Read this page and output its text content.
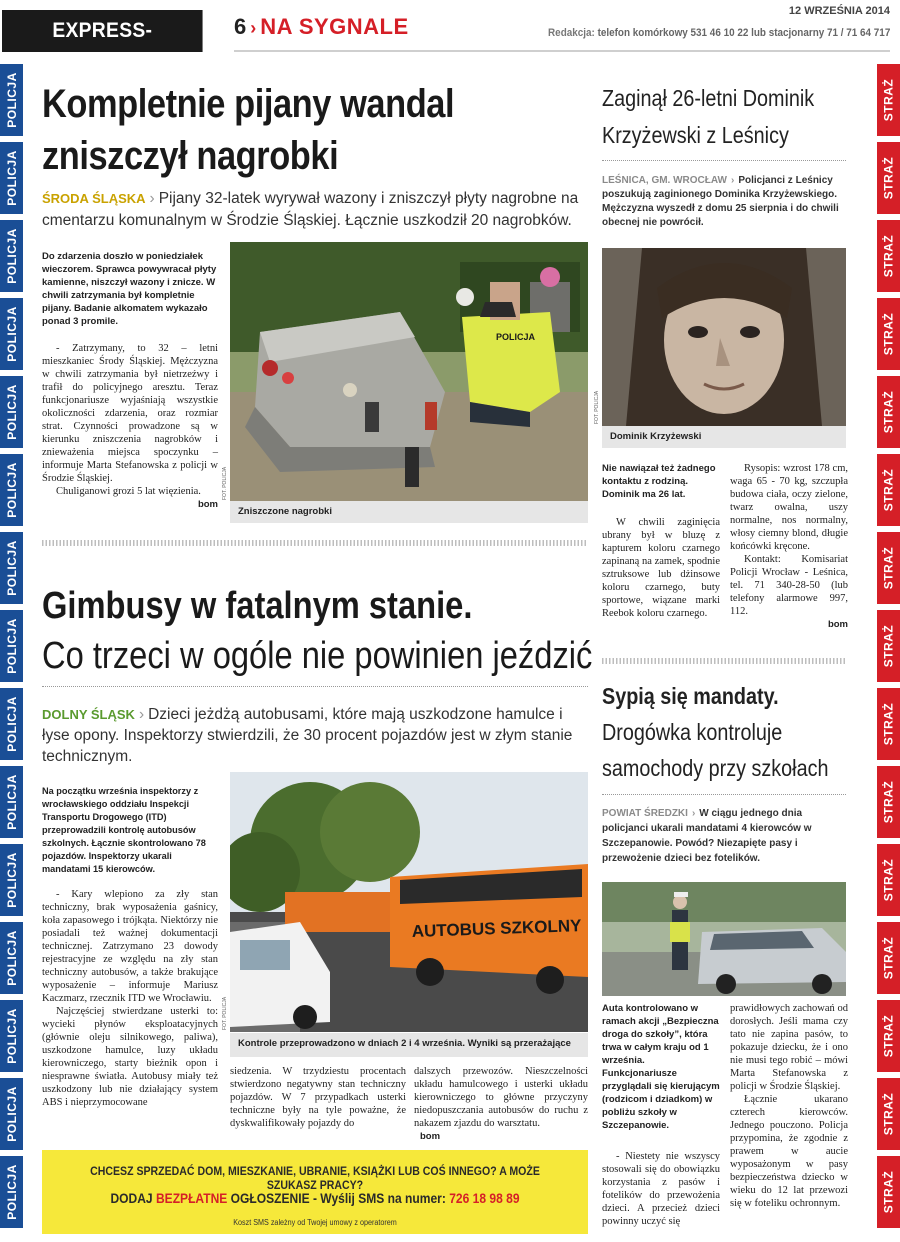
EXPRESS-MIEJSKI.PL
6 › NA SYGNALE
12 WRZEŚNIA 2014
Redakcja: telefon komórkowy 531 46 10 22 lub stacjonarny 71 / 71 64 717
POLICJA
POLICJA
POLICJA
POLICJA
POLICJA
POLICJA
POLICJA
POLICJA
POLICJA
POLICJA
POLICJA
POLICJA
POLICJA
POLICJA
POLICJA
STRAŻ
STRAŻ
STRAŻ
STRAŻ
STRAŻ
STRAŻ
STRAŻ
STRAŻ
STRAŻ
STRAŻ
STRAŻ
STRAŻ
STRAŻ
STRAŻ
STRAŻ
Kompletnie pijany wandal zniszczył nagrobki
ŚRODA ŚLĄSKA › Pijany 32-latek wyrywał wazony i zniszczył płyty nagrobne na cmentarzu komunalnym w Środzie Śląskiej. Łącznie uszkodził 20 nagrobków.
Do zdarzenia doszło w poniedziałek wieczorem. Sprawca powywracał płyty kamienne, niszczył wazony i znicze. W chwili zatrzymania był kompletnie pijany. Badanie alkomatem wykazało ponad 3 promile.

- Zatrzymany, to 32 – letni mieszkaniec Środy Śląskiej. Mężczyzna w chwili zatrzymania był nietrzeźwy i trafił do policyjnego aresztu. Teraz funkcjonariusze wyjaśniają wszystkie okoliczności zdarzenia, oraz rozmiar strat. Czynności prowadzone są w kierunku zniszczenia nagrobków i znieważenia miejsca spoczynku – informuje Marta Stefanowska z policji w Środzie Śląskiej.

Chuliganowi grozi 5 lat więzienia.

bom
POLICJA
FOT. POLICJA
Zniszczone nagrobki
Gimbusy w fatalnym stanie.
Co trzeci w ogóle nie powinien jeździć
DOLNY ŚLĄSK › Dzieci jeżdżą autobusami, które mają uszkodzone hamulce i łyse opony. Inspektorzy stwierdzili, że 30 procent pojazdów jest w złym stanie technicznym.
Na początku września inspektorzy z wrocławskiego oddziału Inspekcji Transportu Drogowego (ITD) przeprowadzili kontrolę autobusów szkolnych. Łącznie skontrolowano 78 pojazdów. Inspektorzy ukarali mandatami 15 kierowców.

- Kary wlepiono za zły stan techniczny, brak wyposażenia gaśnicy, koła zapasowego i trójkąta. Niektórzy nie posiadali też ważnej dokumentacji technicznej. Zatrzymano 23 dowody rejestracyjne ze względu na zły stan techniczny autobusów, a także brakujące wyposażenie – informuje Mariusz Kaczmarz, rzecznik ITD we Wrocławiu.

Najczęściej stwierdzane usterki to: wycieki płynów eksploatacyjnych (głównie oleju silnikowego, paliwa), uszkodzone hamulce, luzy układu kierowniczego, starty bieżnik opon i niesprawne światła. Autobusy miały też uszkodzony lub nie działający system ABS i nieprzymocowane

siedzenia. W trzydziestu procentach stwierdzono negatywny stan techniczny pojazdów. W 7 przypadkach usterki techniczne były na tyle poważne, że dyskwalifikowały pojazdy do

dalszych przewozów. Nieszczelności układu hamulcowego i usterki układu kierowniczego to główne przyczyny niedopuszczania autobusów do ruchu z nakazem zjazdu do warsztatu.

bom
AUTOBUS SZKOLNY
FOT. POLICJA
Kontrole przeprowadzono w dniach 2 i 4 września. Wyniki są przerażające
Zaginął 26-letni Dominik Krzyżewski z Leśnicy
LEŚNICA, GM. WROCŁAW › Policjanci z Leśnicy poszukują zaginionego Dominika Krzyżewskiego. Mężczyzna wyszedł z domu 25 sierpnia i do chwili obecnej nie powrócił.
FOT. POLICJA
Dominik Krzyżewski
Nie nawiązał też żadnego kontaktu z rodziną. Dominik ma 26 lat.

W chwili zaginięcia ubrany był w bluzę z kapturem koloru czarnego zapinaną na zamek, spodnie sztruksowe lub dżinsowe koloru czarnego, buty sportowe, wiązane marki Reebok koloru czarnego.

Rysopis: wzrost 178 cm, waga 65 - 70 kg, szczupła budowa ciała, oczy zielone, twarz owalna, uszy normalne, nos normalny, włosy ciemny blond, długie końcówki kręcone.

Kontakt: Komisariat Policji Wrocław - Leśnica, tel. 71 340-28-50 (lub telefony alarmowe 997, 112.

bom
Sypią się mandaty.
Drogówka kontroluje
samochody przy szkołach
POWIAT ŚREDZKI › W ciągu jednego dnia policjanci ukarali mandatami 4 kierowców w Szczepanowie. Powód? Niezapięte pasy i przewożenie dzieci bez fotelików.
Auta kontrolowano w ramach akcji „Bezpieczna droga do szkoły”, która trwa w całym kraju od 1 września. Funkcjonariusze przyglądali się kierującym (rodzicom i dziadkom) w pobliżu szkoły w Szczepanowie.

- Niestety nie wszyscy stosowali się do obowiązku korzystania z pasów i fotelików do przewożenia dzieci. A przecież dzieci powinny uczyć się

prawidłowych zachowań od dorosłych. Jeśli mama czy tato nie zapina pasów, to pokazuje dziecku, że i ono nie musi tego robić – mówi Marta Stefanowska z policji w Środzie Śląskiej.

Łącznie ukarano czterech kierowców. Jednego pouczono. Policja przypomina, że zgodnie z prawem w aucie wyposażonym w pasy bezpieczeństwa dziecko w wieku do 12 lat przewozi się w foteliku ochronnym.

CHCESZ SPRZEDAĆ DOM, MIESZKANIE, UBRANIE, KSIĄŻKI LUB COŚ INNEGO? A MOŻE SZUKASZ PRACY?
DODAJ BEZPŁATNE OGŁOSZENIE - Wyślij SMS na numer: 726 18 98 89
Koszt SMS zależny od Twojej umowy z operatorem
